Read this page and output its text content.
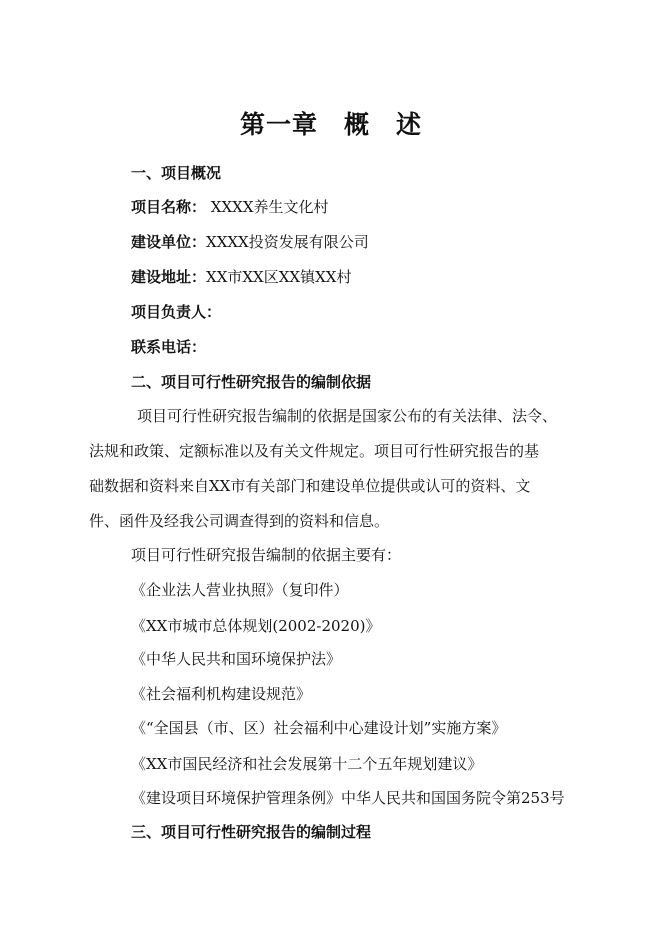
第一章　概　述
一、项目概况
项目名称： XXXX养生文化村
建设单位：XXXX投资发展有限公司
建设地址：XX市XX区XX镇XX村
项目负责人：
联系电话：
二、项目可行性研究报告的编制依据
项目可行性研究报告编制的依据是国家公布的有关法律、法令、
法规和政策、定额标准以及有关文件规定。项目可行性研究报告的基
础数据和资料来自XX市有关部门和建设单位提供或认可的资料、文
件、函件及经我公司调查得到的资料和信息。
项目可行性研究报告编制的依据主要有：
《企业法人营业执照》（复印件）
《XX市城市总体规划(2002-2020)》
《中华人民共和国环境保护法》
《社会福利机构建设规范》
《“全国县（市、区）社会福利中心建设计划”实施方案》
《XX市国民经济和社会发展第十二个五年规划建议》
《建设项目环境保护管理条例》中华人民共和国国务院令第253号
三、项目可行性研究报告的编制过程
